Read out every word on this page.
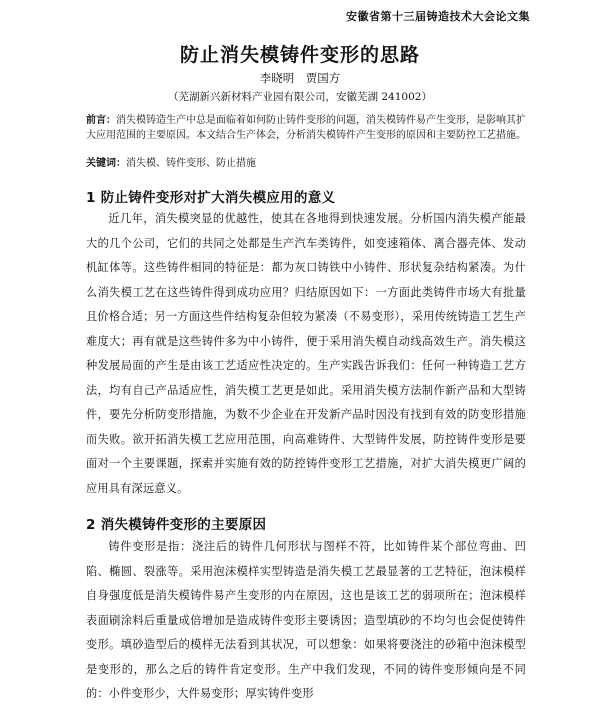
安徽省第十三届铸造技术大会论文集
防止消失模铸件变形的思路
李晓明　贾国方
（芜湖新兴新材料产业园有限公司，安徽芜湖 241002）
前言：消失模铸造生产中总是面临着如何防止铸件变形的问题，消失模铸件易产生变形，是影响其扩大应用范围的主要原因。本文结合生产体会，分析消失模铸件产生变形的原因和主要防控工艺措施。
关键词：消失模、铸件变形、防止措施
1 防止铸件变形对扩大消失模应用的意义
近几年，消失模突显的优越性，使其在各地得到快速发展。分析国内消失模产能最大的几个公司，它们的共同之处都是生产汽车类铸件，如变速箱体、离合器壳体、发动机缸体等。这些铸件相同的特征是：都为灰口铸铁中小铸件、形状复杂结构紧凑。为什么消失模工艺在这些铸件得到成功应用？归结原因如下：一方面此类铸件市场大有批量且价格合适；另一方面这些件结构复杂但较为紧凑（不易变形），采用传统铸造工艺生产难度大；再有就是这些铸件多为中小铸件，便于采用消失模自动线高效生产。消失模这种发展局面的产生是由该工艺适应性决定的。生产实践告诉我们：任何一种铸造工艺方法，均有自己产品适应性，消失模工艺更是如此。采用消失模方法制作新产品和大型铸件，要先分析防变形措施，为数不少企业在开发新产品时因没有找到有效的防变形措施而失败。欲开拓消失模工艺应用范围，向高难铸件、大型铸件发展，防控铸件变形是要面对一个主要课题，探索并实施有效的防控铸件变形工艺措施，对扩大消失模更广阔的应用具有深远意义。
2 消失模铸件变形的主要原因
铸件变形是指：浇注后的铸件几何形状与图样不符，比如铸件某个部位弯曲、凹陷、椭圆、裂涨等。采用泡沫模样实型铸造是消失模工艺最显著的工艺特征，泡沫模样自身强度低是消失模铸件易产生变形的内在原因，这也是该工艺的弱项所在；泡沫模样表面刷涂料后重量成倍增加是造成铸件变形主要诱因；造型填砂的不均匀也会促使铸件变形。填砂造型后的模样无法看到其状况，可以想象：如果将要浇注的砂箱中泡沫模型是变形的，那么之后的铸件肯定变形。生产中我们发现，不同的铸件变形倾向是不同的：小件变形少，大件易变形；厚实铸件变形
